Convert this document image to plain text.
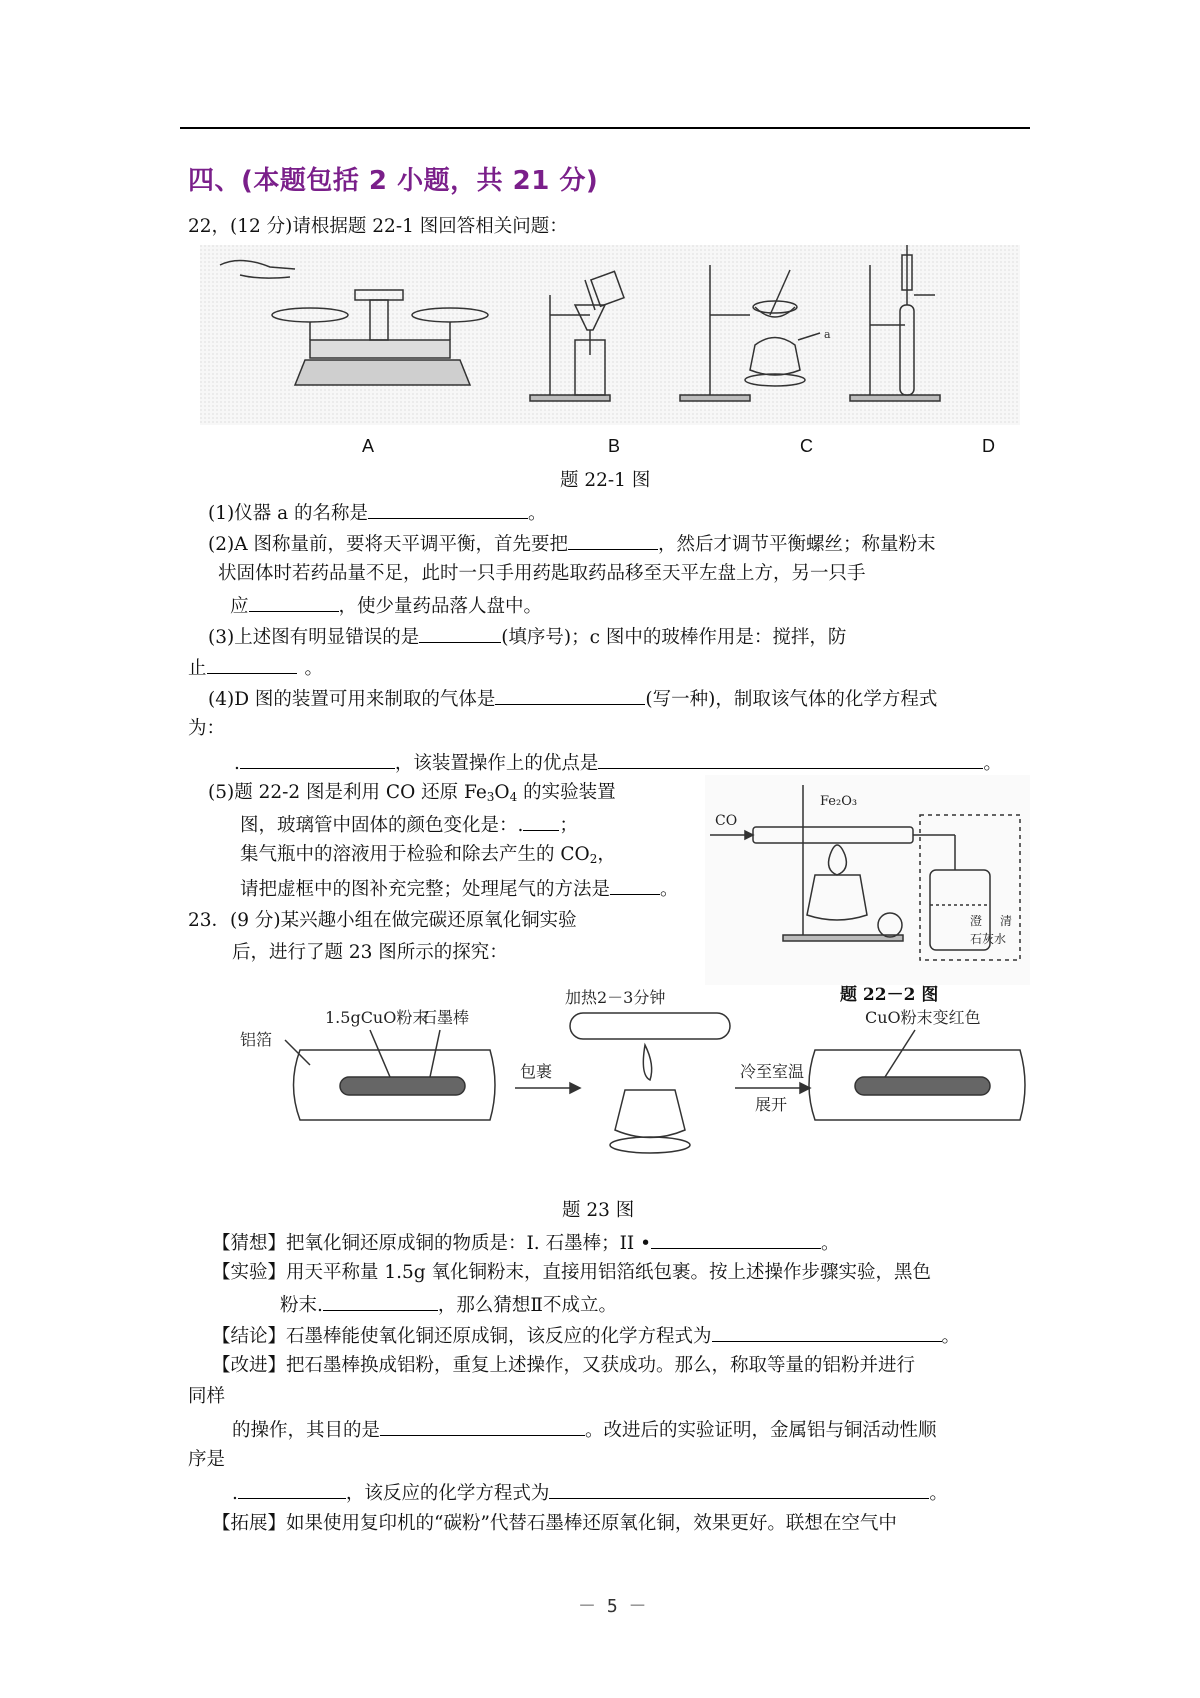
四、(本题包括 2 小题，共 21 分)
22，(12 分)请根据题 22-1 图回答相关问题：
a
A	B	C	D
题 22-1 图
(1)仪器 a 的名称是	。
(2)A 图称量前，要将天平调平衡，首先要把	，然后才调节平衡螺丝；称量粉末
状固体时若药品量不足，此时一只手用药匙取药品移至天平左盘上方，另一只手
应	，使少量药品落人盘中。
(3)上述图有明显错误的是	(填序号)；c 图中的玻棒作用是：搅拌，防
止	。
(4)D 图的装置可用来制取的气体是	(写一种)，制取该气体的化学方程式
为：
.	，该装置操作上的优点是	。
(5)题 22-2 图是利用 CO 还原 $Fe_3O_4$ 的实验装置
图，玻璃管中固体的颜色变化是：. ；
集气瓶中的溶液用于检验和除去产生的 $CO_2$，
请把虚框中的图补充完整；处理尾气的方法是	。
CO
Fe₂O₃
澄 清
石灰水
题 22－2 图
23．(9 分)某兴趣小组在做完碳还原氧化铜实验
后，进行了题 23 图所示的探究：
加热2－3分钟
1.5gCuO粉末
石墨棒
铝箔
包裹	冷至室温
展开
CuO粉末变红色
题 23 图
【猜想】把氧化铜还原成铜的物质是：I. 石墨棒；II •	。
【实验】用天平称量 1.5g 氧化铜粉末，直接用铝箔纸包裹。按上述操作步骤实验，黑色
粉末.	，那么猜想Ⅱ不成立。
【结论】石墨棒能使氧化铜还原成铜，该反应的化学方程式为	。
【改进】把石墨棒换成铝粉，重复上述操作，又获成功。那么，称取等量的铝粉并进行
同样
的操作，其目的是	。改进后的实验证明，金属铝与铜活动性顺
序是
.	，该反应的化学方程式为	。
【拓展】如果使用复印机的“碳粉”代替石墨棒还原氧化铜，效果更好。联想在空气中
－ 5 －
